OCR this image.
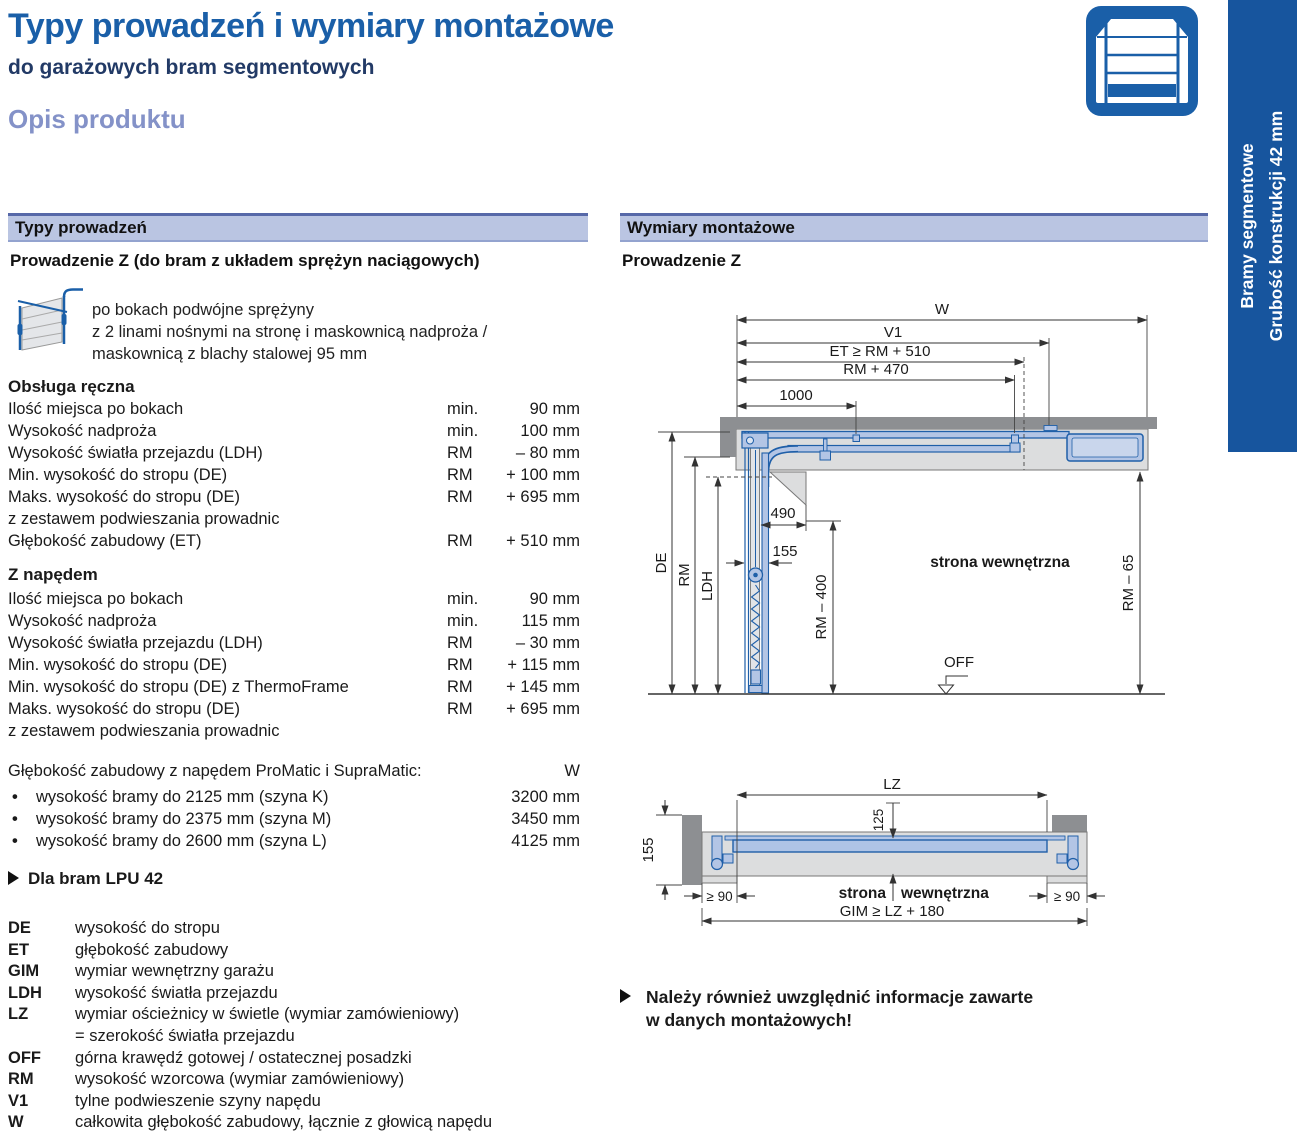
Typy prowadzeń i wymiary montażowe
do garażowych bram segmentowych
Opis produktu
Bramy segmentowe Grubość konstrukcji 42 mm
Typy prowadzeń
Prowadzenie Z (do bram z układem sprężyn naciągowych)
po bokach podwójne sprężyny
z 2 linami nośnymi na stronę i maskownicą nadproża /
maskownicą z blachy stalowej 95 mm
Obsługa ręczna
Ilość miejsca po bokach	min.	90 mm
Wysokość nadproża	min.	100 mm
Wysokość światła przejazdu (LDH)	RM	– 80 mm
Min. wysokość do stropu (DE)	RM	+ 100 mm
Maks. wysokość do stropu (DE)	RM	+ 695 mm
z zestawem podwieszania prowadnic
Głębokość zabudowy (ET)	RM	+ 510 mm
Z napędem
Ilość miejsca po bokach	min.	90 mm
Wysokość nadproża	min.	115 mm
Wysokość światła przejazdu (LDH)	RM	– 30 mm
Min. wysokość do stropu (DE)	RM	+ 115 mm
Min. wysokość do stropu (DE) z ThermoFrame	RM	+ 145 mm
Maks. wysokość do stropu (DE)	RM	+ 695 mm
z zestawem podwieszania prowadnic
Głębokość zabudowy z napędem ProMatic i SupraMatic:	W
•
wysokość bramy do 2125 mm (szyna K)	3200 mm
•
wysokość bramy do 2375 mm (szyna M)	3450 mm
•
wysokość bramy do 2600 mm (szyna L)	4125 mm
Dla bram LPU 42
DE	wysokość do stropu
ET	głębokość zabudowy
GIM	wymiar wewnętrzny garażu
LDH	wysokość światła przejazdu
LZ	wymiar ościeżnicy w świetle (wymiar zamówieniowy)
= szerokość światła przejazdu
OFF	górna krawędź gotowej / ostatecznej posadzki
RM	wysokość wzorcowa (wymiar zamówieniowy)
V1	tylne podwieszenie szyny napędu
W	całkowita głębokość zabudowy, łącznie z głowicą napędu
Wymiary montażowe
Prowadzenie Z
W
V1
ET ≥ RM + 510
RM + 470
1000
DE
RM LDH
490
155
RM – 400	RM – 65
strona wewnętrzna
OFF
LZ
125
155
≥ 90	≥ 90
strona wewnętrzna
GIM ≥ LZ + 180
Należy również uwzględnić informacje zawarte
w danych montażowych!
